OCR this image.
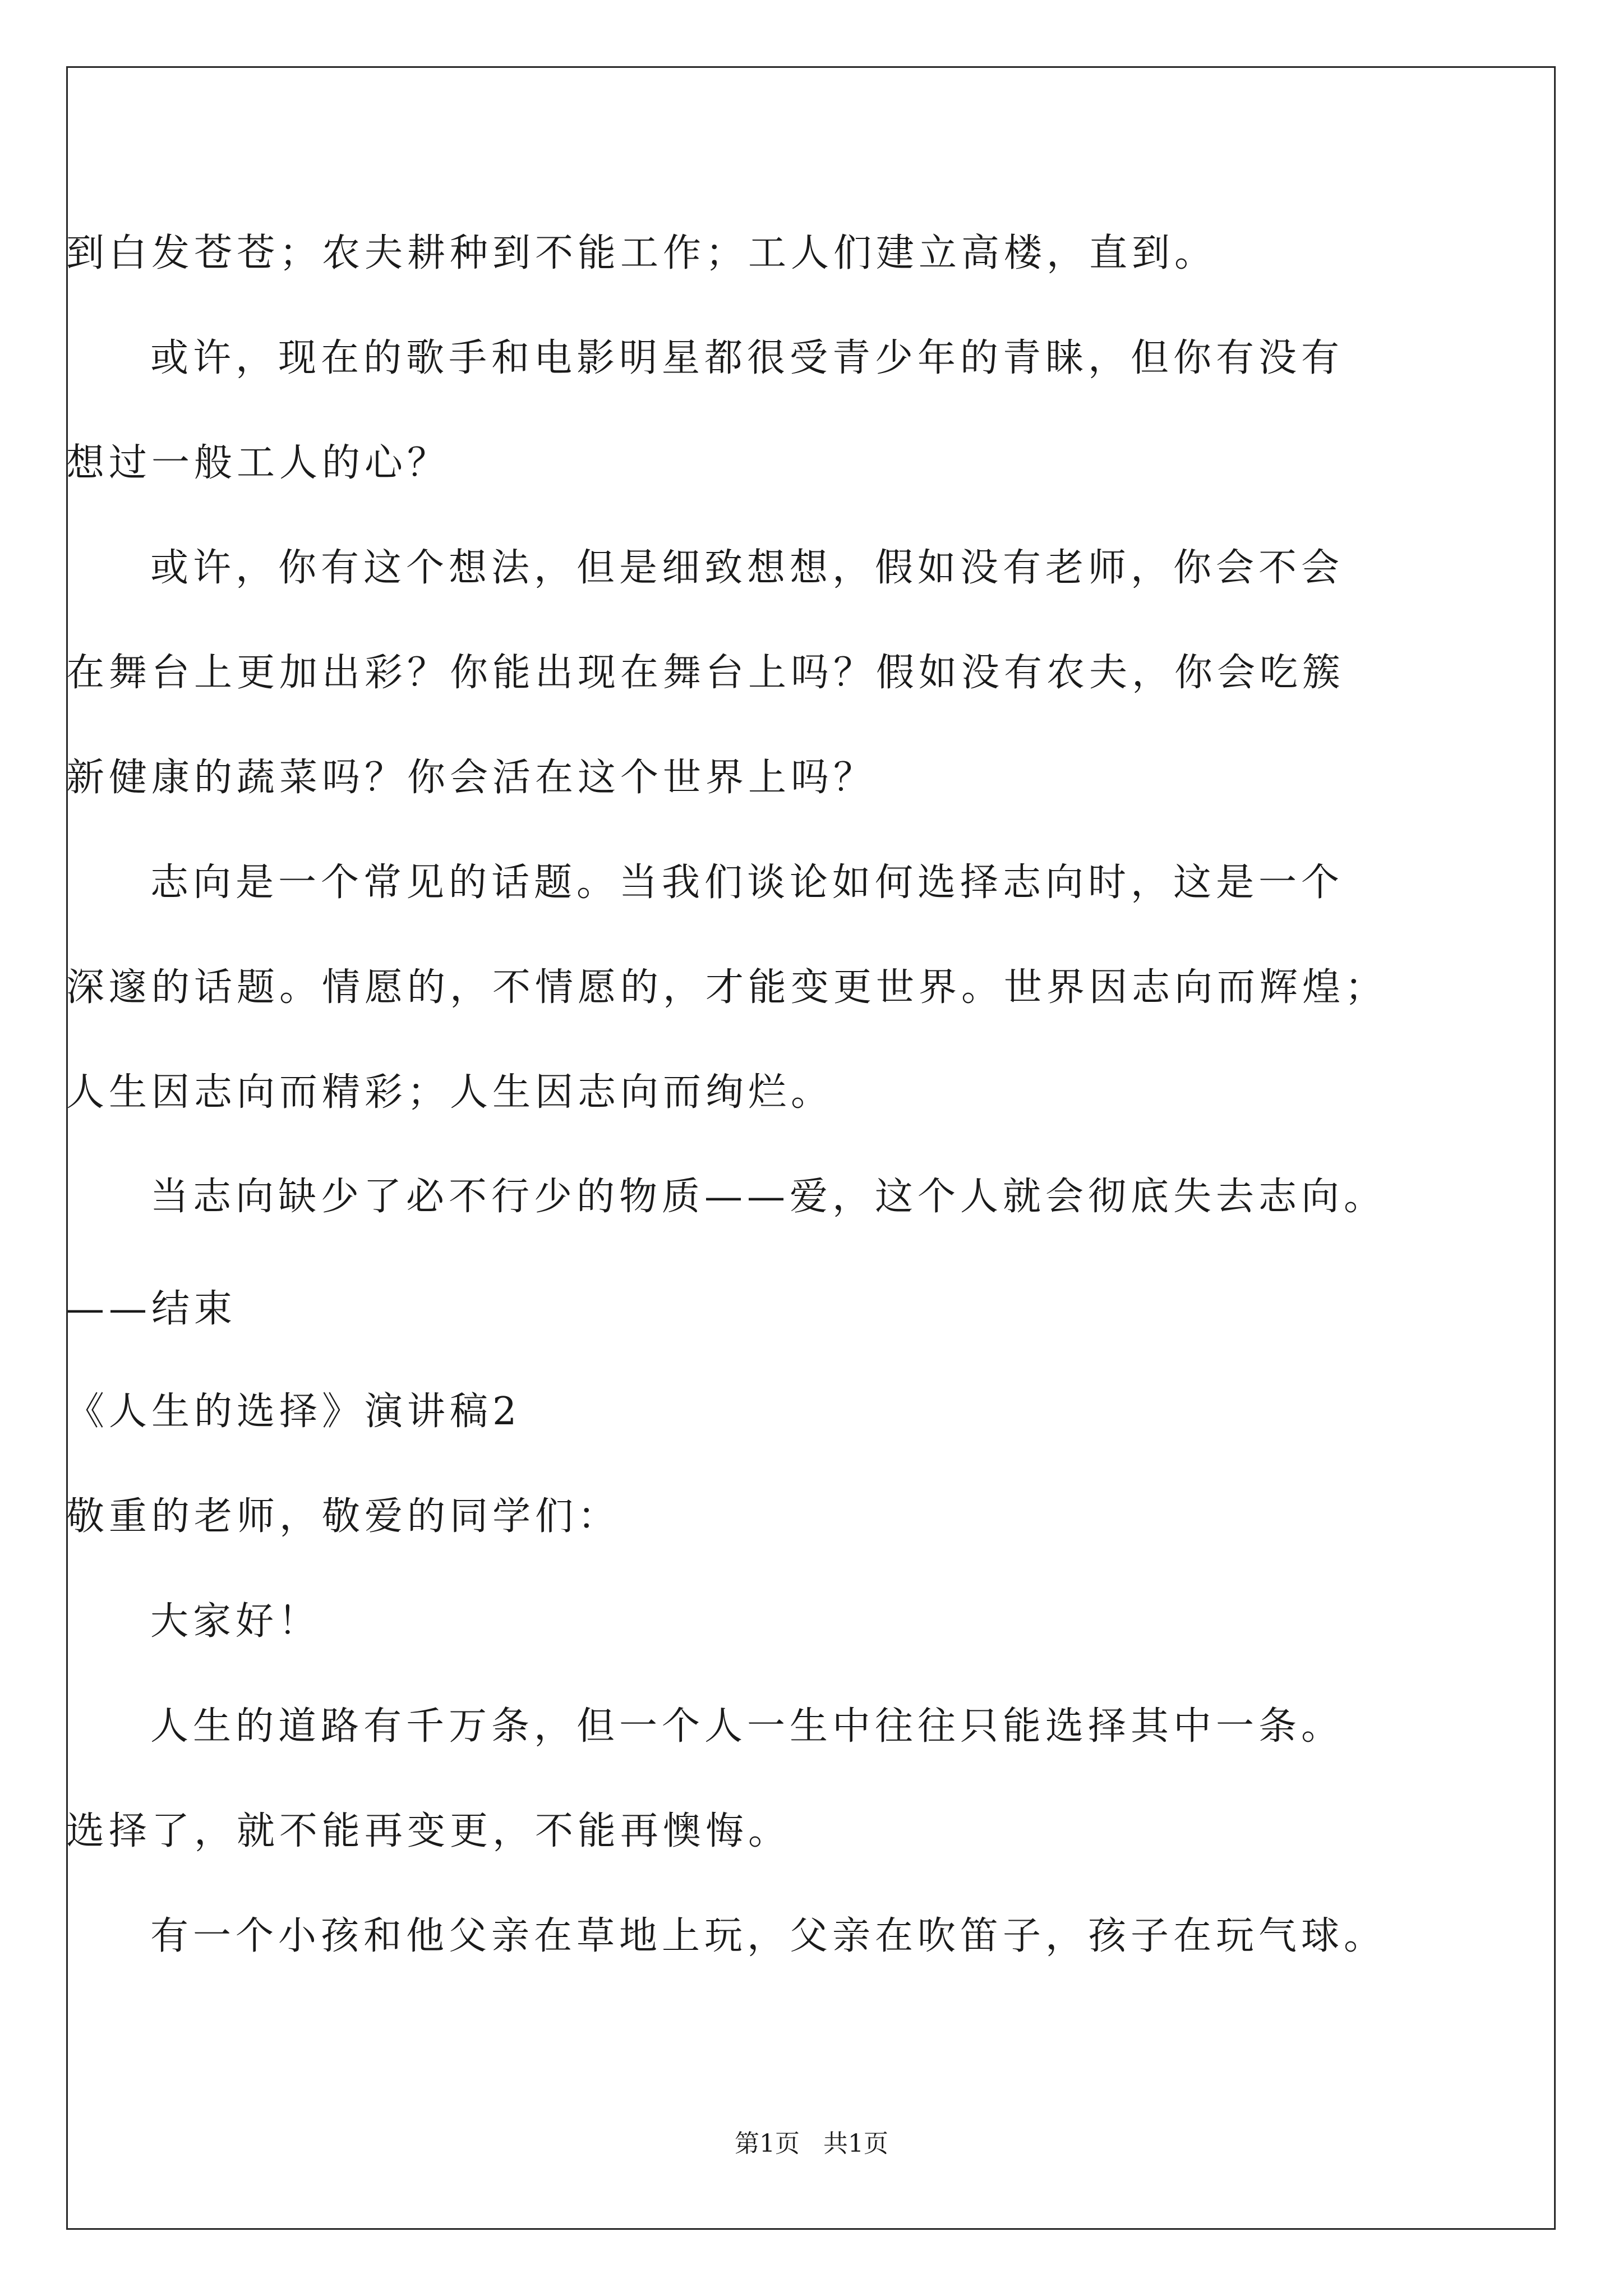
到白发苍苍；农夫耕种到不能工作；工人们建立高楼，直到。
或许，现在的歌手和电影明星都很受青少年的青睐，但你有没有
想过一般工人的心？
或许，你有这个想法，但是细致想想，假如没有老师，你会不会
在舞台上更加出彩？你能出现在舞台上吗？假如没有农夫，你会吃簇
新健康的蔬菜吗？你会活在这个世界上吗？
志向是一个常见的话题。当我们谈论如何选择志向时，这是一个
深邃的话题。情愿的，不情愿的，才能变更世界。世界因志向而辉煌；
人生因志向而精彩；人生因志向而绚烂。
当志向缺少了必不行少的物质——爱，这个人就会彻底失去志向。
——结束
《人生的选择》演讲稿2
敬重的老师，敬爱的同学们：
大家好！
人生的道路有千万条，但一个人一生中往往只能选择其中一条。
选择了，就不能再变更，不能再懊悔。
有一个小孩和他父亲在草地上玩，父亲在吹笛子，孩子在玩气球。
第1页   共1页
